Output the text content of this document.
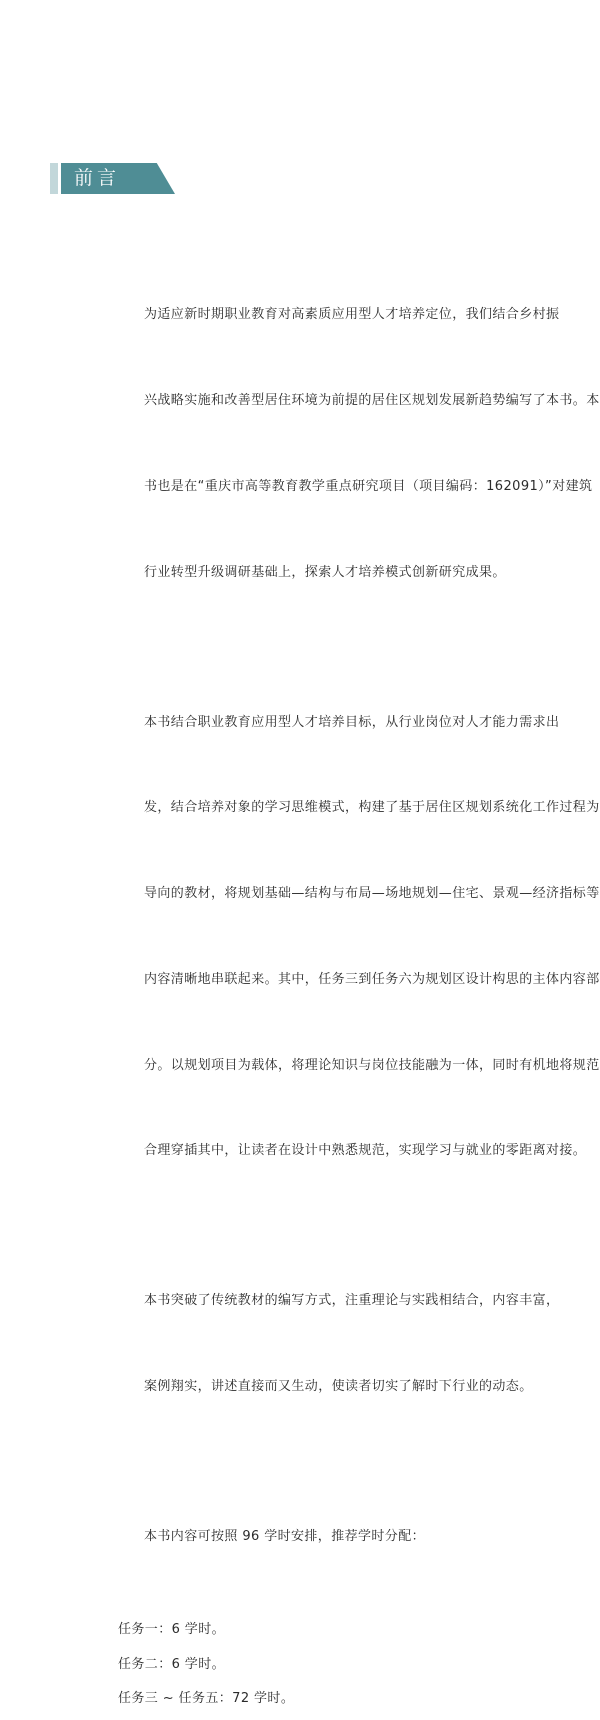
前言

为适应新时期职业教育对高素质应用型人才培养定位，我们结合乡村振

兴战略实施和改善型居住环境为前提的居住区规划发展新趋势编写了本书。本

书也是在“重庆市高等教育教学重点研究项目（项目编码：162091）”对建筑

行业转型升级调研基础上，探索人才培养模式创新研究成果。

本书结合职业教育应用型人才培养目标，从行业岗位对人才能力需求出

发，结合培养对象的学习思维模式，构建了基于居住区规划系统化工作过程为

导向的教材，将规划基础—结构与布局—场地规划—住宅、景观—经济指标等

内容清晰地串联起来。其中，任务三到任务六为规划区设计构思的主体内容部

分。以规划项目为载体，将理论知识与岗位技能融为一体，同时有机地将规范

合理穿插其中，让读者在设计中熟悉规范，实现学习与就业的零距离对接。

本书突破了传统教材的编写方式，注重理论与实践相结合，内容丰富，

案例翔实，讲述直接而又生动，使读者切实了解时下行业的动态。

本书内容可按照 96 学时安排，推荐学时分配：

任务一：6 学时。
任务二：6 学时。
任务三 ~ 任务五：72 学时。
